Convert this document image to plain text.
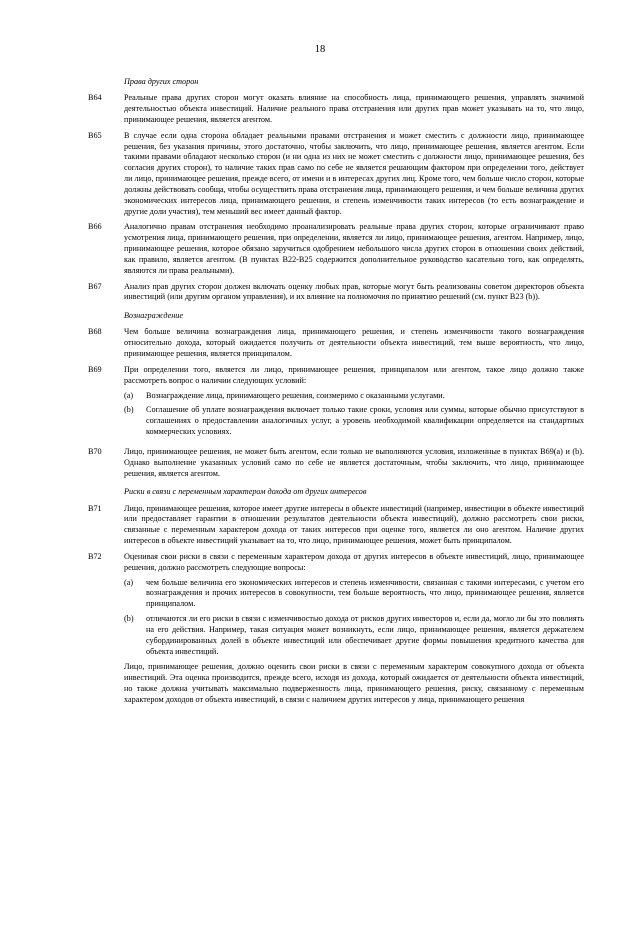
18
Права других сторон
B64	Реальные права других сторон могут оказать влияние на способность лица, принимающего решения, управлять значимой деятельностью объекта инвестиций. Наличие реального права отстранения или других прав может указывать на то, что лицо, принимающее решения, является агентом.
B65	В случае если одна сторона обладает реальными правами отстранения и может сместить с должности лицо, принимающее решения, без указания причины, этого достаточно, чтобы заключить, что лицо, принимающее решения, является агентом. Если такими правами обладают несколько сторон (и ни одна из них не может сместить с должности лицо, принимающее решения, без согласия других сторон), то наличие таких прав само по себе не является решающим фактором при определении того, действует ли лицо, принимающее решения, прежде всего, от имени и в интересах других лиц. Кроме того, чем больше число сторон, которые должны действовать сообща, чтобы осуществить права отстранения лица, принимающего решения, и чем больше величина других экономических интересов лица, принимающего решения, и степень изменчивости таких интересов (то есть вознаграждение и другие доли участия), тем меньший вес имеет данный фактор.
B66	Аналогично правам отстранения необходимо проанализировать реальные права других сторон, которые ограничивают право усмотрения лица, принимающего решения, при определении, является ли лицо, принимающее решения, агентом. Например, лицо, принимающее решения, которое обязано заручиться одобрением небольшого числа других сторон в отношении своих действий, как правило, является агентом. (В пунктах В22-В25 содержится дополнительное руководство касательно того, как определять, являются ли права реальными).
B67	Анализ прав других сторон должен включать оценку любых прав, которые могут быть реализованы советом директоров объекта инвестиций (или другим органом управления), и их влияние на полномочия по принятию решений (см. пункт В23 (b)).
Вознаграждение
B68	Чем больше величина вознаграждения лица, принимающего решения, и степень изменчивости такого вознаграждения относительно дохода, который ожидается получить от деятельности объекта инвестиций, тем выше вероятность, что лицо, принимающее решения, является принципалом.
B69	При определении того, является ли лицо, принимающее решения, принципалом или агентом, такое лицо должно также рассмотреть вопрос о наличии следующих условий:
(a)	Вознаграждение лица, принимающего решения, соизмеримо с оказанными услугами.
(b)	Соглашение об уплате вознаграждения включает только такие сроки, условия или суммы, которые обычно присутствуют в соглашениях о предоставлении аналогичных услуг, а уровень необходимой квалификации определяется на стандартных коммерческих условиях.
B70	Лицо, принимающее решения, не может быть агентом, если только не выполняются условия, изложенные в пунктах В69(a) и (b). Однако выполнение указанных условий само по себе не является достаточным, чтобы заключить, что лицо, принимающее решения, является агентом.
Риски в связи с переменным характером дохода от других интересов
B71	Лицо, принимающее решения, которое имеет другие интересы в объекте инвестиций (например, инвестиции в объекте инвестиций или предоставляет гарантии в отношении результатов деятельности объекта инвестиций), должно рассмотреть свои риски, связанные с переменным характером дохода от таких интересов при оценке того, является ли оно агентом. Наличие других интересов в объекте инвестиций указывает на то, что лицо, принимающее решения, может быть принципалом.
B72	Оценивая свои риски в связи с переменным характером дохода от других интересов в объекте инвестиций, лицо, принимающее решения, должно рассмотреть следующие вопросы:
(a)	чем больше величина его экономических интересов и степень изменчивости, связанная с такими интересами, с учетом его вознаграждения и прочих интересов в совокупности, тем больше вероятность, что лицо, принимающее решения, является принципалом.
(b)	отличаются ли его риски в связи с изменчивостью дохода от рисков других инвесторов и, если да, могло ли бы это повлиять на его действия. Например, такая ситуация может возникнуть, если лицо, принимающее решения, является держателем субординированных долей в объекте инвестиций или обеспечивает другие формы повышения кредитного качества для объекта инвестиций.
Лицо, принимающее решения, должно оценить свои риски в связи с переменным характером совокупного дохода от объекта инвестиций. Эта оценка производится, прежде всего, исходя из дохода, который ожидается от деятельности объекта инвестиций, но также должна учитывать максимально подверженность лица, принимающего решения, риску, связанному с переменным характером доходов от объекта инвестиций, в связи с наличием других интересов у лица, принимающего решения
